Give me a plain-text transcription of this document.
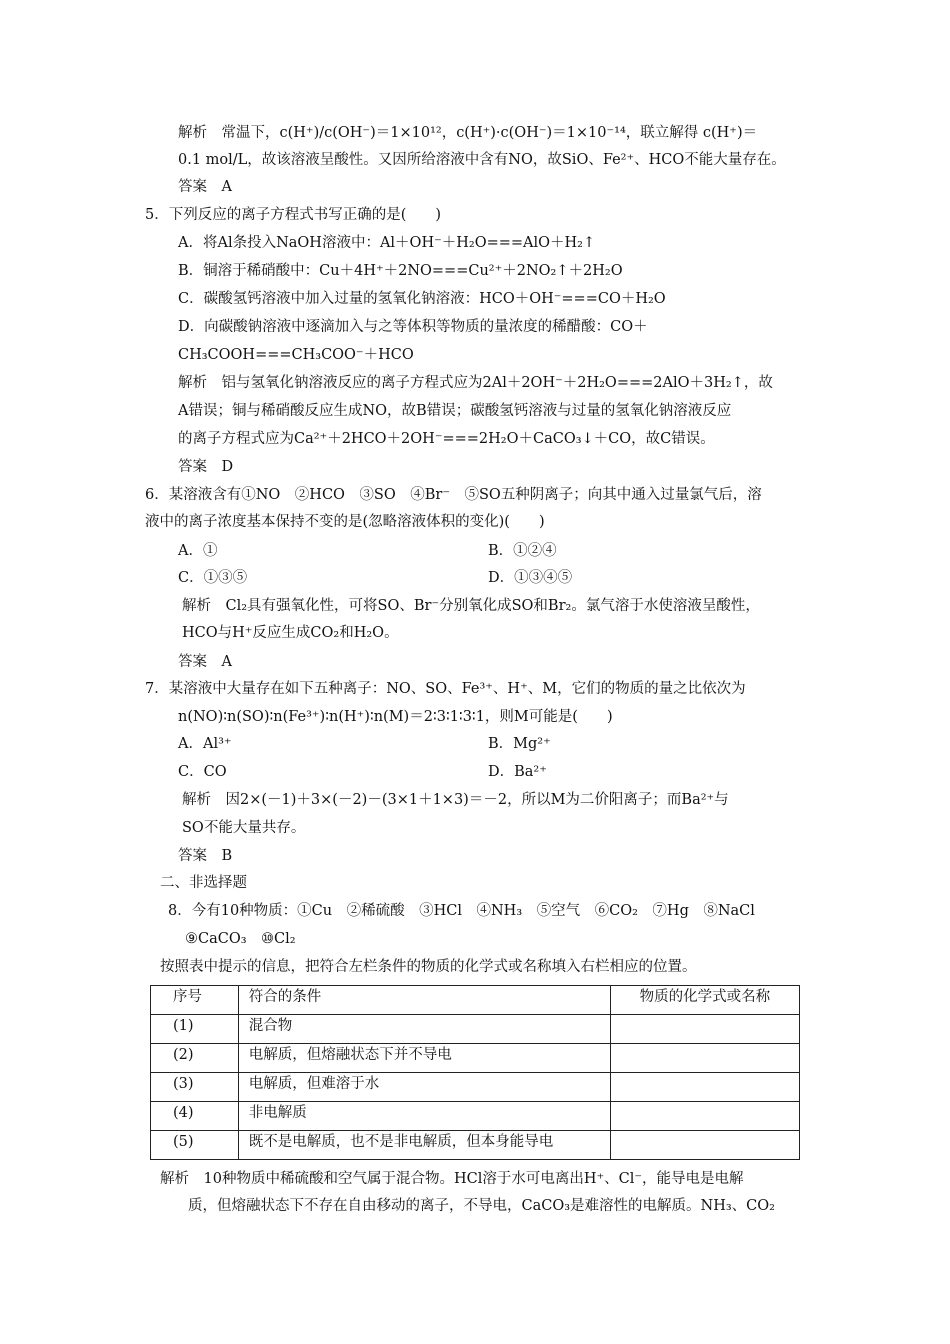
解析　常温下，c(H⁺)/c(OH⁻)＝1×10¹²，c(H⁺)·c(OH⁻)＝1×10⁻¹⁴，联立解得 c(H⁺)＝
0.1 mol/L，故该溶液呈酸性。又因所给溶液中含有NO，故SiO、Fe²⁺、HCO不能大量存在。
答案　A
5．下列反应的离子方程式书写正确的是(　　)
A．将Al条投入NaOH溶液中：Al＋OH⁻＋H₂O===AlO＋H₂↑
B．铜溶于稀硝酸中：Cu＋4H⁺＋2NO===Cu²⁺＋2NO₂↑＋2H₂O
C．碳酸氢钙溶液中加入过量的氢氧化钠溶液：HCO＋OH⁻===CO＋H₂O
D．向碳酸钠溶液中逐滴加入与之等体积等物质的量浓度的稀醋酸：CO＋
CH₃COOH===CH₃COO⁻＋HCO
解析　铝与氢氧化钠溶液反应的离子方程式应为2Al＋2OH⁻＋2H₂O===2AlO＋3H₂↑，故
A错误；铜与稀硝酸反应生成NO，故B错误；碳酸氢钙溶液与过量的氢氧化钠溶液反应
的离子方程式应为Ca²⁺＋2HCO＋2OH⁻===2H₂O＋CaCO₃↓＋CO，故C错误。
答案　D
6．某溶液含有①NO　②HCO　③SO　④Br⁻　⑤SO五种阴离子；向其中通入过量氯气后，溶
液中的离子浓度基本保持不变的是(忽略溶液体积的变化)(　　)
A．①	B．①②④
C．①③⑤	D．①③④⑤
解析　Cl₂具有强氧化性，可将SO、Br⁻分别氧化成SO和Br₂。氯气溶于水使溶液呈酸性，
HCO与H⁺反应生成CO₂和H₂O。
答案　A
7．某溶液中大量存在如下五种离子：NO、SO、Fe³⁺、H⁺、M，它们的物质的量之比依次为
n(NO)∶n(SO)∶n(Fe³⁺)∶n(H⁺)∶n(M)＝2∶3∶1∶3∶1，则M可能是(　　)
A．Al³⁺	B．Mg²⁺
C．CO	D．Ba²⁺
解析　因2×(－1)＋3×(－2)－(3×1＋1×3)＝－2，所以M为二价阳离子；而Ba²⁺与
SO不能大量共存。
答案　B
二、非选择题
8．今有10种物质：①Cu　②稀硫酸　③HCl　④NH₃　⑤空气　⑥CO₂　⑦Hg　⑧NaCl
⑨CaCO₃　⑩Cl₂
按照表中提示的信息，把符合左栏条件的物质的化学式或名称填入右栏相应的位置。
序号	符合的条件	物质的化学式或名称
(1)	混合物	
(2)	电解质，但熔融状态下并不导电	
(3)	电解质，但难溶于水	
(4)	非电解质	
(5)	既不是电解质，也不是非电解质，但本身能导电	
解析　10种物质中稀硫酸和空气属于混合物。HCl溶于水可电离出H⁺、Cl⁻，能导电是电解
质，但熔融状态下不存在自由移动的离子，不导电，CaCO₃是难溶性的电解质。NH₃、CO₂
